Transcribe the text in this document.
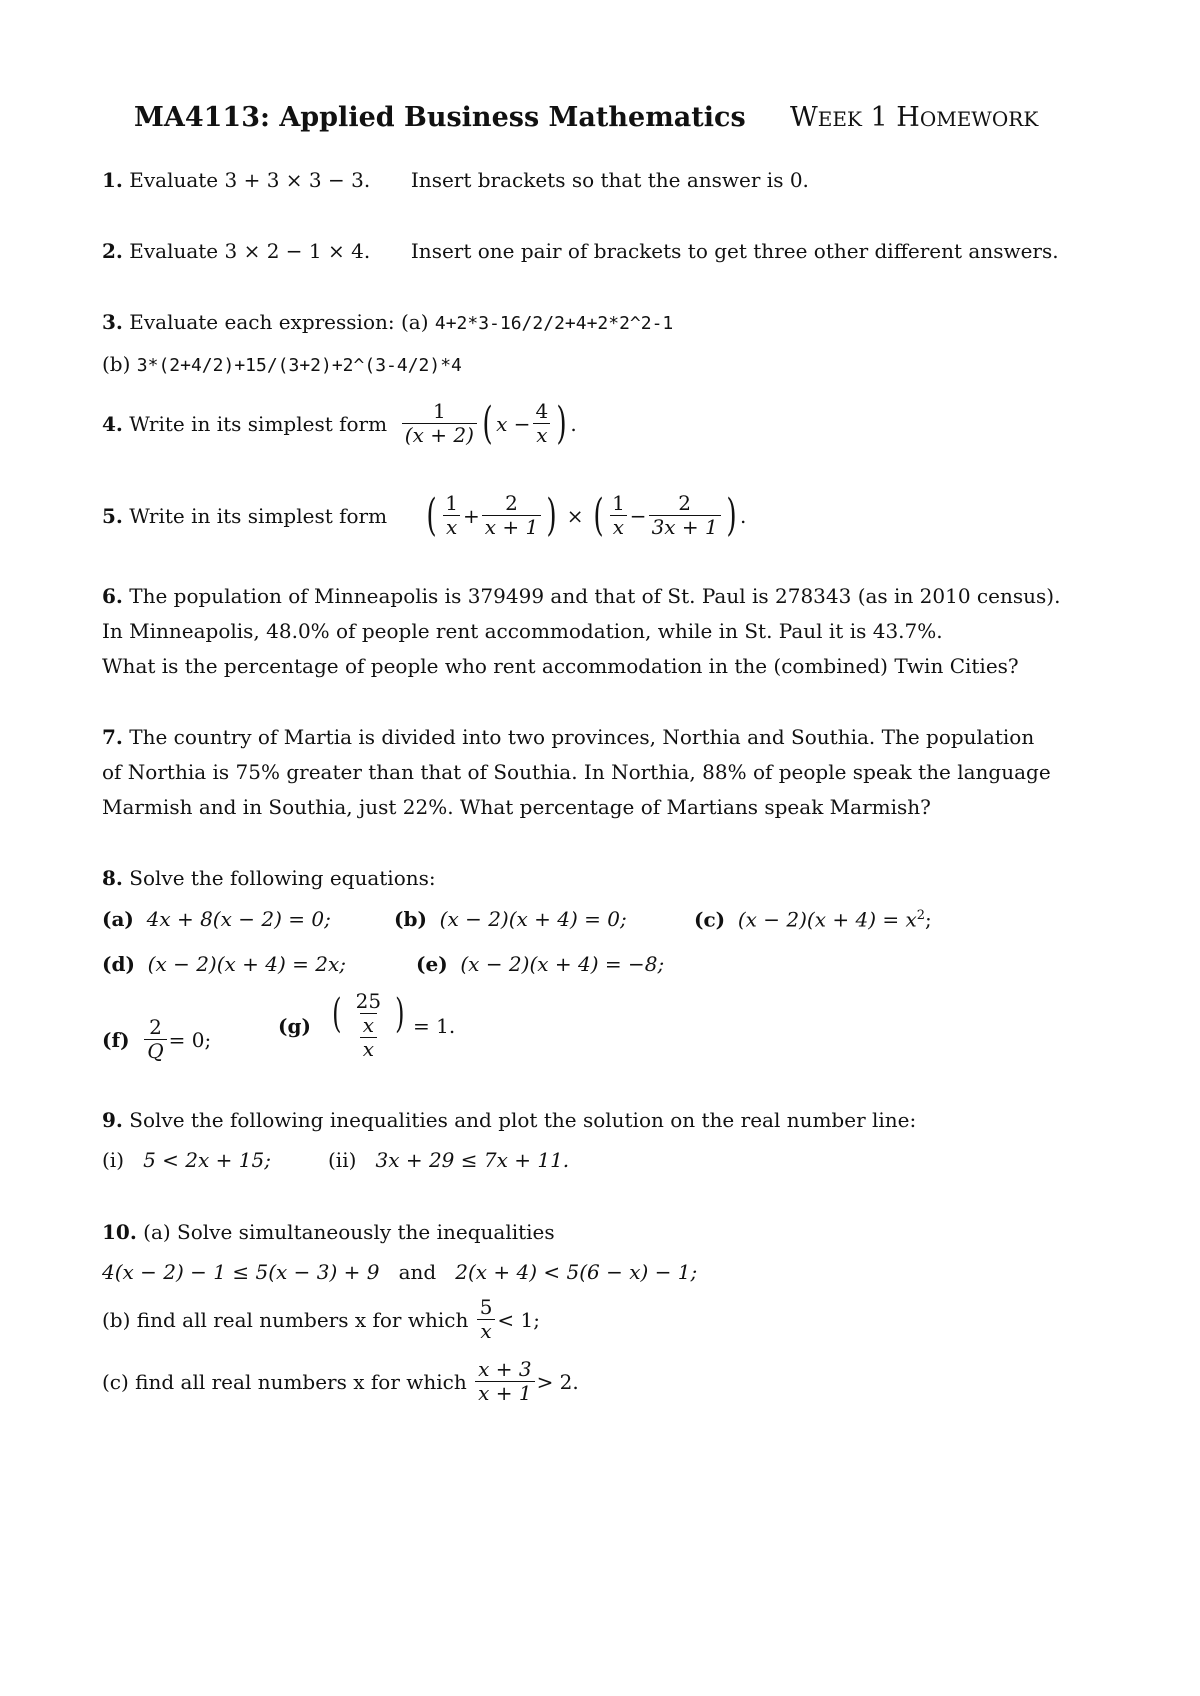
MA4113: Applied Business Mathematics WEEK 1 HOMEWORK
1. Evaluate 3 + 3 × 3 − 3. Insert brackets so that the answer is 0.
2. Evaluate 3 × 2 − 1 × 4. Insert one pair of brackets to get three other different answers.
3. Evaluate each expression: (a) 4+2*3-16/2/2+4+2*2^2-1
(b) 3*(2+4/2)+15/(3+2)+2^(3-4/2)*4
4.
Write in its simplest form
$\frac{1}{(x + 2)}$ ( x
− $\frac{4}{x}$ ) .
5.
Write in its simplest form ( $\frac{1}{x} + \frac{2}{x + 1}$ )
×
( $\frac{1}{x} - \frac{2}{3x + 1}$ ) .
6. The population of Minneapolis is 379499 and that of St. Paul is 278343 (as in 2010 census).
In Minneapolis, 48.0% of people rent accommodation, while in St. Paul it is 43.7%.
What is the percentage of people who rent accommodation in the (combined) Twin Cities?
7. The country of Martia is divided into two provinces, Northia and Southia. The population
of Northia is 75% greater than that of Southia. In Northia, 88% of people speak the language
Marmish and in Southia, just 22%. What percentage of Martians speak Marmish?
8. Solve the following equations:
(a) 4x + 8(x − 2) = 0;	(b) (x − 2)(x + 4) = 0;	(c) $(x - 2)(x + 4) = x^2$;
(d) (x − 2)(x + 4) = 2x;	(e) (x − 2)(x + 4) = −8;
(f)
$\frac{2}{Q} = 0$;
(g)
$\frac{( \frac{25}{x} )}{x} = 1$.
9. Solve the following inequalities and plot the solution on the real number line:
(i) 5 < 2x + 15;	(ii) 3x + 29 ≤ 7x + 11.
10. (a) Solve simultaneously the inequalities
4(x − 2) − 1 ≤ 5(x − 3) + 9 and 2(x + 4) < 5(6 − x) − 1;
(b) find all real numbers x for which
$\frac{5}{x} < 1$;
(c) find all real numbers x for which
$\frac{x + 3}{x + 1} > 2$.
